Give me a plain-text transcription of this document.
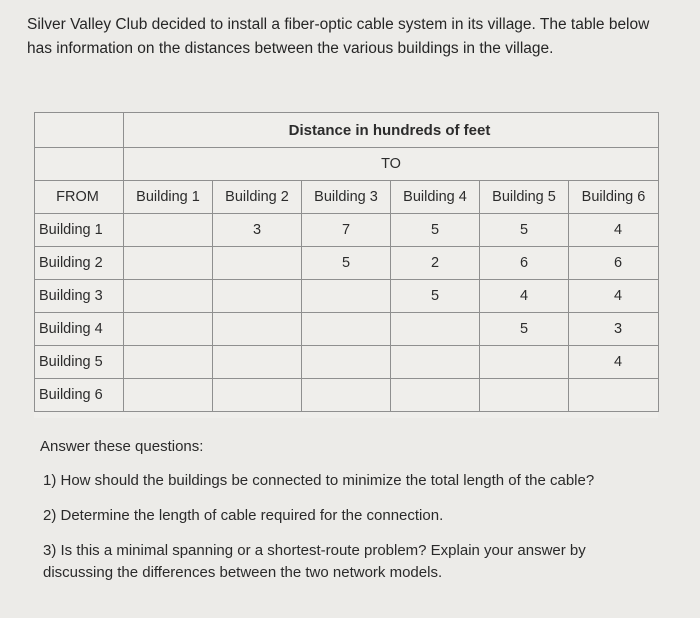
Silver Valley Club decided to install a fiber-optic cable system in its village. The table below has information on the distances between the various buildings in the village.
	Distance in hundreds of feet					
	TO					
FROM	Building 1	Building 2	Building 3	Building 4	Building 5	Building 6
Building 1		3	7	5	5	4
Building 2			5	2	6	6
Building 3				5	4	4
Building 4					5	3
Building 5						4
Building 6						
Answer these questions:
1) How should the buildings be connected to minimize the total length of the cable?
2) Determine the length of cable required for the connection.
3) Is this a minimal spanning or a shortest-route problem? Explain your answer by discussing the differences between the two network models.
